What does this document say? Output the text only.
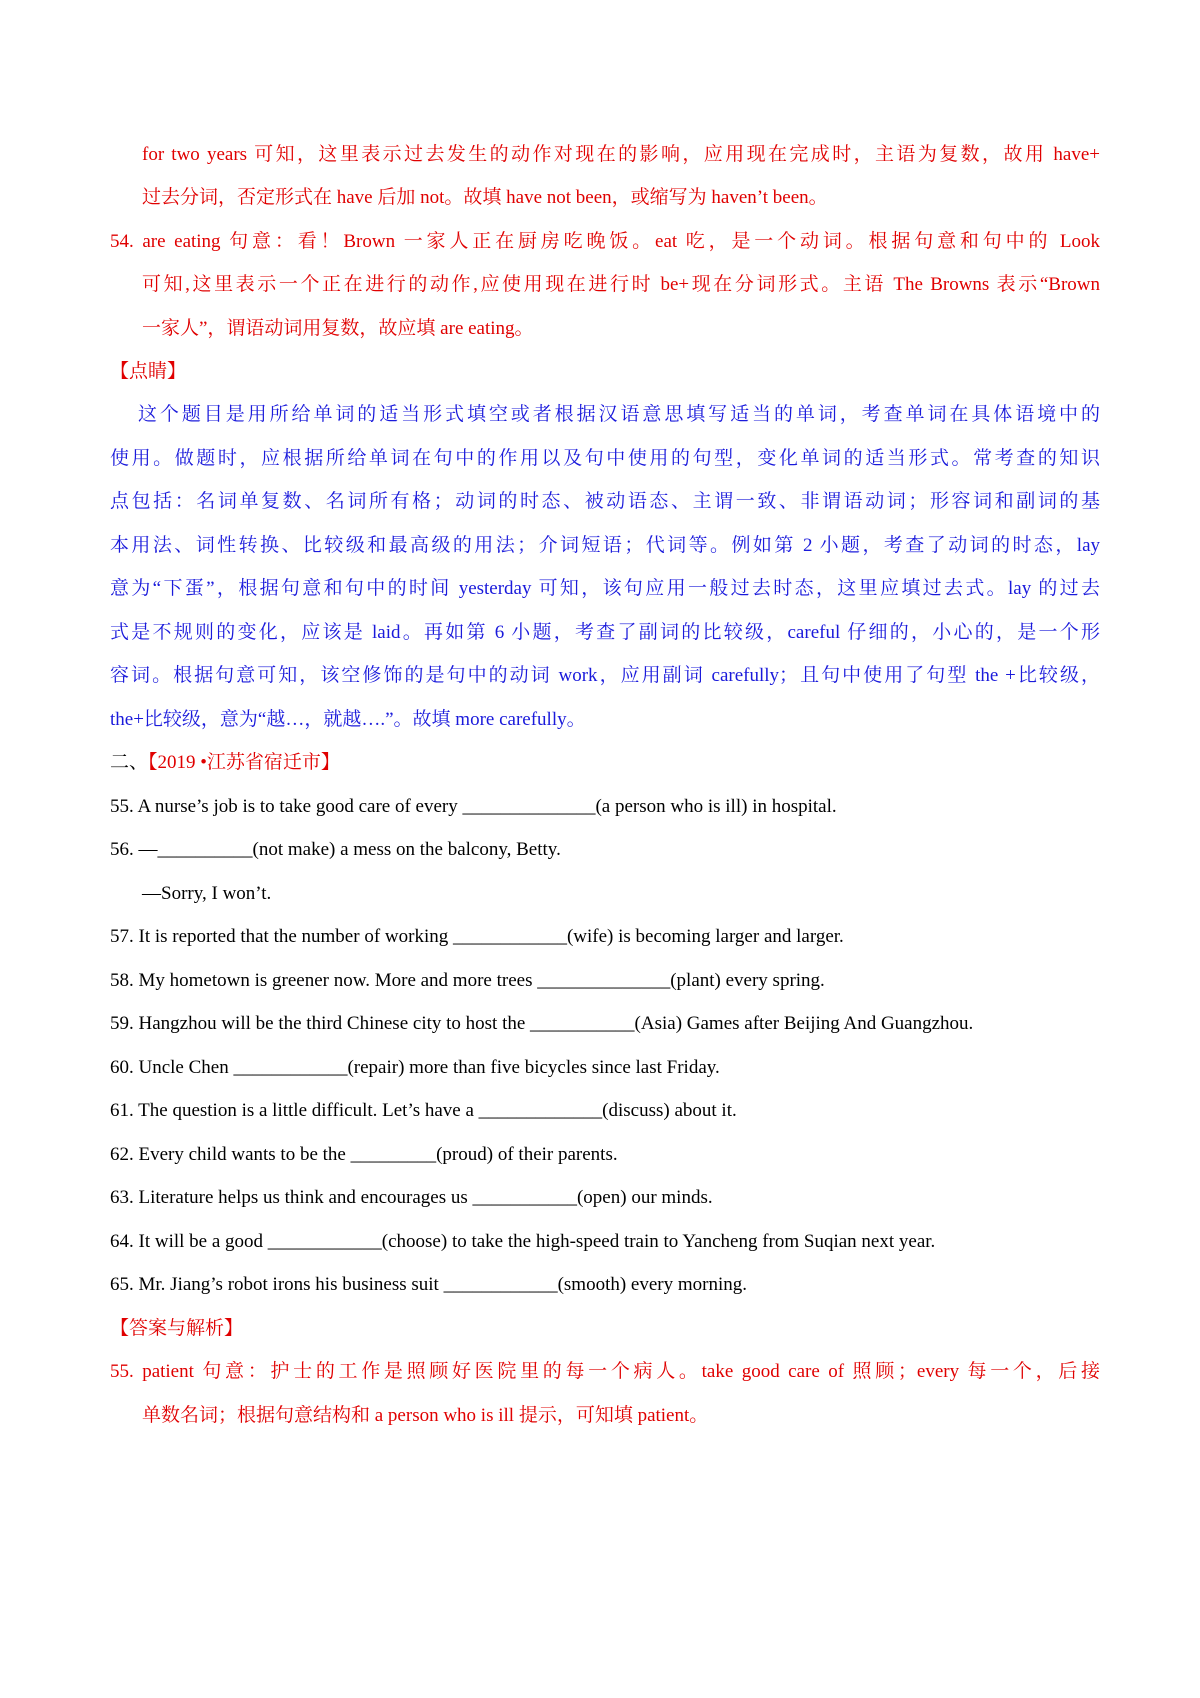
for two years 可知，这里表示过去发生的动作对现在的影响，应用现在完成时，主语为复数，故用 have+
过去分词，否定形式在 have 后加 not。故填 have not been，或缩写为 haven’t been。
54. are eating 句意：看！Brown 一家人正在厨房吃晚饭。eat 吃，是一个动词。根据句意和句中的 Look
可知,这里表示一个正在进行的动作,应使用现在进行时 be+现在分词形式。主语 The Browns 表示“Brown
一家人”，谓语动词用复数，故应填 are eating。
【点睛】
这个题目是用所给单词的适当形式填空或者根据汉语意思填写适当的单词，考查单词在具体语境中的
使用。做题时，应根据所给单词在句中的作用以及句中使用的句型，变化单词的适当形式。常考查的知识
点包括：名词单复数、名词所有格；动词的时态、被动语态、主谓一致、非谓语动词；形容词和副词的基
本用法、词性转换、比较级和最高级的用法；介词短语；代词等。例如第 2 小题，考查了动词的时态，lay
意为“下蛋”，根据句意和句中的时间 yesterday 可知，该句应用一般过去时态，这里应填过去式。lay 的过去
式是不规则的变化，应该是 laid。再如第 6 小题，考查了副词的比较级，careful 仔细的，小心的，是一个形
容词。根据句意可知，该空修饰的是句中的动词 work，应用副词 carefully；且句中使用了句型 the +比较级，
the+比较级，意为“越…，就越….”。故填 more carefully。
二、【2019 •江苏省宿迁市】
55. A nurse’s job is to take good care of every ______________(a person who is ill) in hospital.
56. —__________(not make) a mess on the balcony, Betty.
—Sorry, I won’t.
57. It is reported that the number of working ____________(wife) is becoming larger and larger.
58. My hometown is greener now. More and more trees ______________(plant) every spring.
59. Hangzhou will be the third Chinese city to host the ___________(Asia) Games after Beijing And Guangzhou.
60. Uncle Chen ____________(repair) more than five bicycles since last Friday.
61. The question is a little difficult. Let’s have a _____________(discuss) about it.
62. Every child wants to be the _________(proud) of their parents.
63. Literature helps us think and encourages us ___________(open) our minds.
64. It will be a good ____________(choose) to take the high-speed train to Yancheng from Suqian next year.
65. Mr. Jiang’s robot irons his business suit ____________(smooth) every morning.
【答案与解析】
55. patient 句意：护士的工作是照顾好医院里的每一个病人。take good care of 照顾；every 每一个，后接
单数名词；根据句意结构和 a person who is ill 提示，可知填 patient。
